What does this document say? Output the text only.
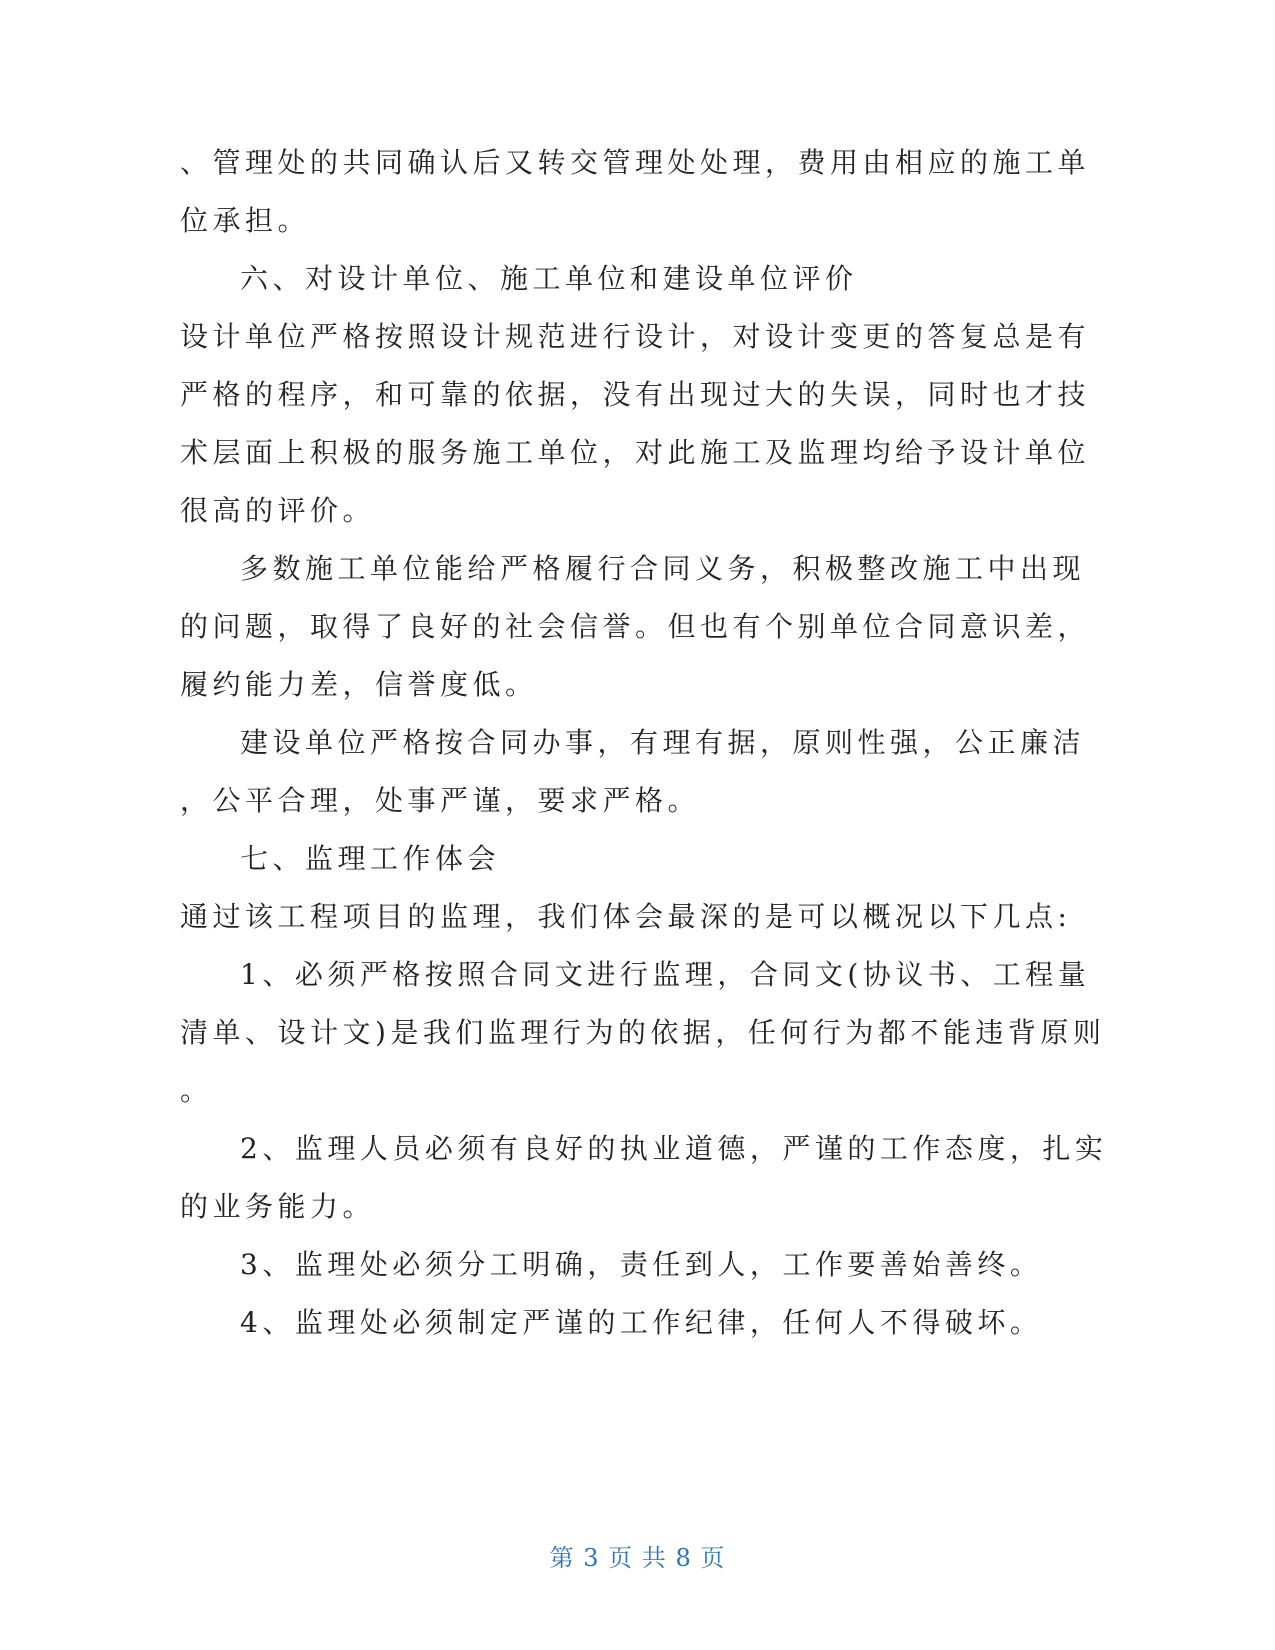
、管理处的共同确认后又转交管理处处理，费用由相应的施工单
位承担。
六、对设计单位、施工单位和建设单位评价
设计单位严格按照设计规范进行设计，对设计变更的答复总是有
严格的程序，和可靠的依据，没有出现过大的失误，同时也才技
术层面上积极的服务施工单位，对此施工及监理均给予设计单位
很高的评价。
多数施工单位能给严格履行合同义务，积极整改施工中出现
的问题，取得了良好的社会信誉。但也有个别单位合同意识差，
履约能力差，信誉度低。
建设单位严格按合同办事，有理有据，原则性强，公正廉洁
，公平合理，处事严谨，要求严格。
七、监理工作体会
通过该工程项目的监理，我们体会最深的是可以概况以下几点:
1、必须严格按照合同文进行监理，合同文(协议书、工程量
清单、设计文)是我们监理行为的依据，任何行为都不能违背原则
。
2、监理人员必须有良好的执业道德，严谨的工作态度，扎实
的业务能力。
3、监理处必须分工明确，责任到人，工作要善始善终。
4、监理处必须制定严谨的工作纪律，任何人不得破坏。
第 3 页 共 8 页
